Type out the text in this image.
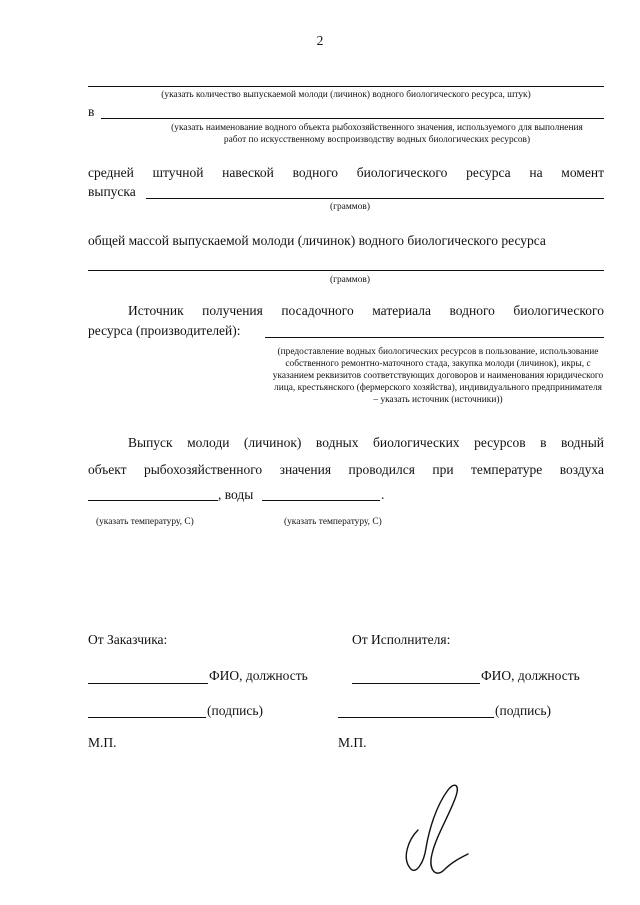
2
(указать количество выпускаемой молоди (личинок) водного биологического ресурса, штук)
в
(указать наименование водного объекта рыбохозяйственного значения, используемого для выполнения работ по искусственному воспроизводству водных биологических ресурсов)
средней штучной навеской водного биологического ресурса на момент
выпуска
(граммов)
общей массой выпускаемой молоди (личинок) водного биологического ресурса
(граммов)
Источник получения посадочного материала водного биологического
ресурса (производителей):
(предоставление водных биологических ресурсов в пользование, использование собственного ремонтно-маточного стада, закупка молоди (личинок), икры, с указанием реквизитов соответствующих договоров и наименования юридического лица, крестьянского (фермерского хозяйства), индивидуального предпринимателя – указать источник (источники))
Выпуск молоди (личинок) водных биологических ресурсов в водный
объект рыбохозяйственного значения проводился при температуре воздуха
, воды	.
(указать температуру, С)	(указать температуру, С)
От Заказчика:	От Исполнителя:
ФИО, должность	ФИО, должность
(подпись)	(подпись)
М.П.	М.П.
